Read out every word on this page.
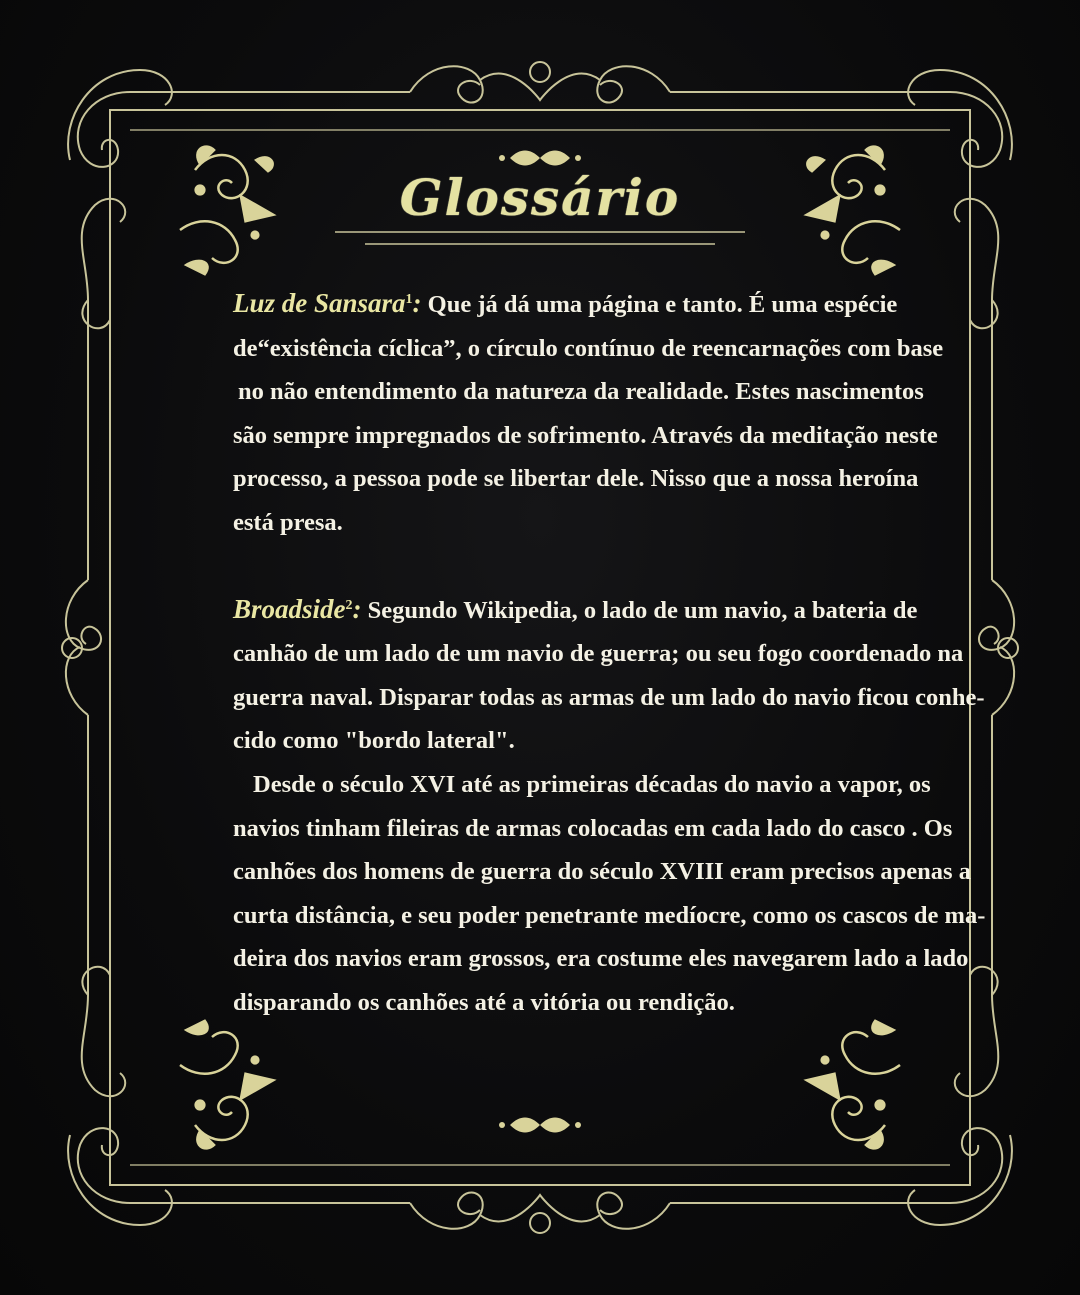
Glossário

Luz de Sansara$^1$: Que já dá uma página e tanto. É uma espécie
de“existência cíclica”, o círculo contínuo de reencarnações com base
no não entendimento da natureza da realidade. Estes nascimentos
são sempre impregnados de sofrimento. Através da meditação neste
processo, a pessoa pode se libertar dele. Nisso que a nossa heroína
está presa.

Broadside$^2$: Segundo Wikipedia, o lado de um navio, a bateria de
canhão de um lado de um navio de guerra; ou seu fogo coordenado na
guerra naval. Disparar todas as armas de um lado do navio ficou conhe-
cido como "bordo lateral".
Desde o século XVI até as primeiras décadas do navio a vapor, os
navios tinham fileiras de armas colocadas em cada lado do casco . Os
canhões dos homens de guerra do século XVIII eram precisos apenas a
curta distância, e seu poder penetrante medíocre, como os cascos de ma-
deira dos navios eram grossos, era costume eles navegarem lado a lado
disparando os canhões até a vitória ou rendição.
